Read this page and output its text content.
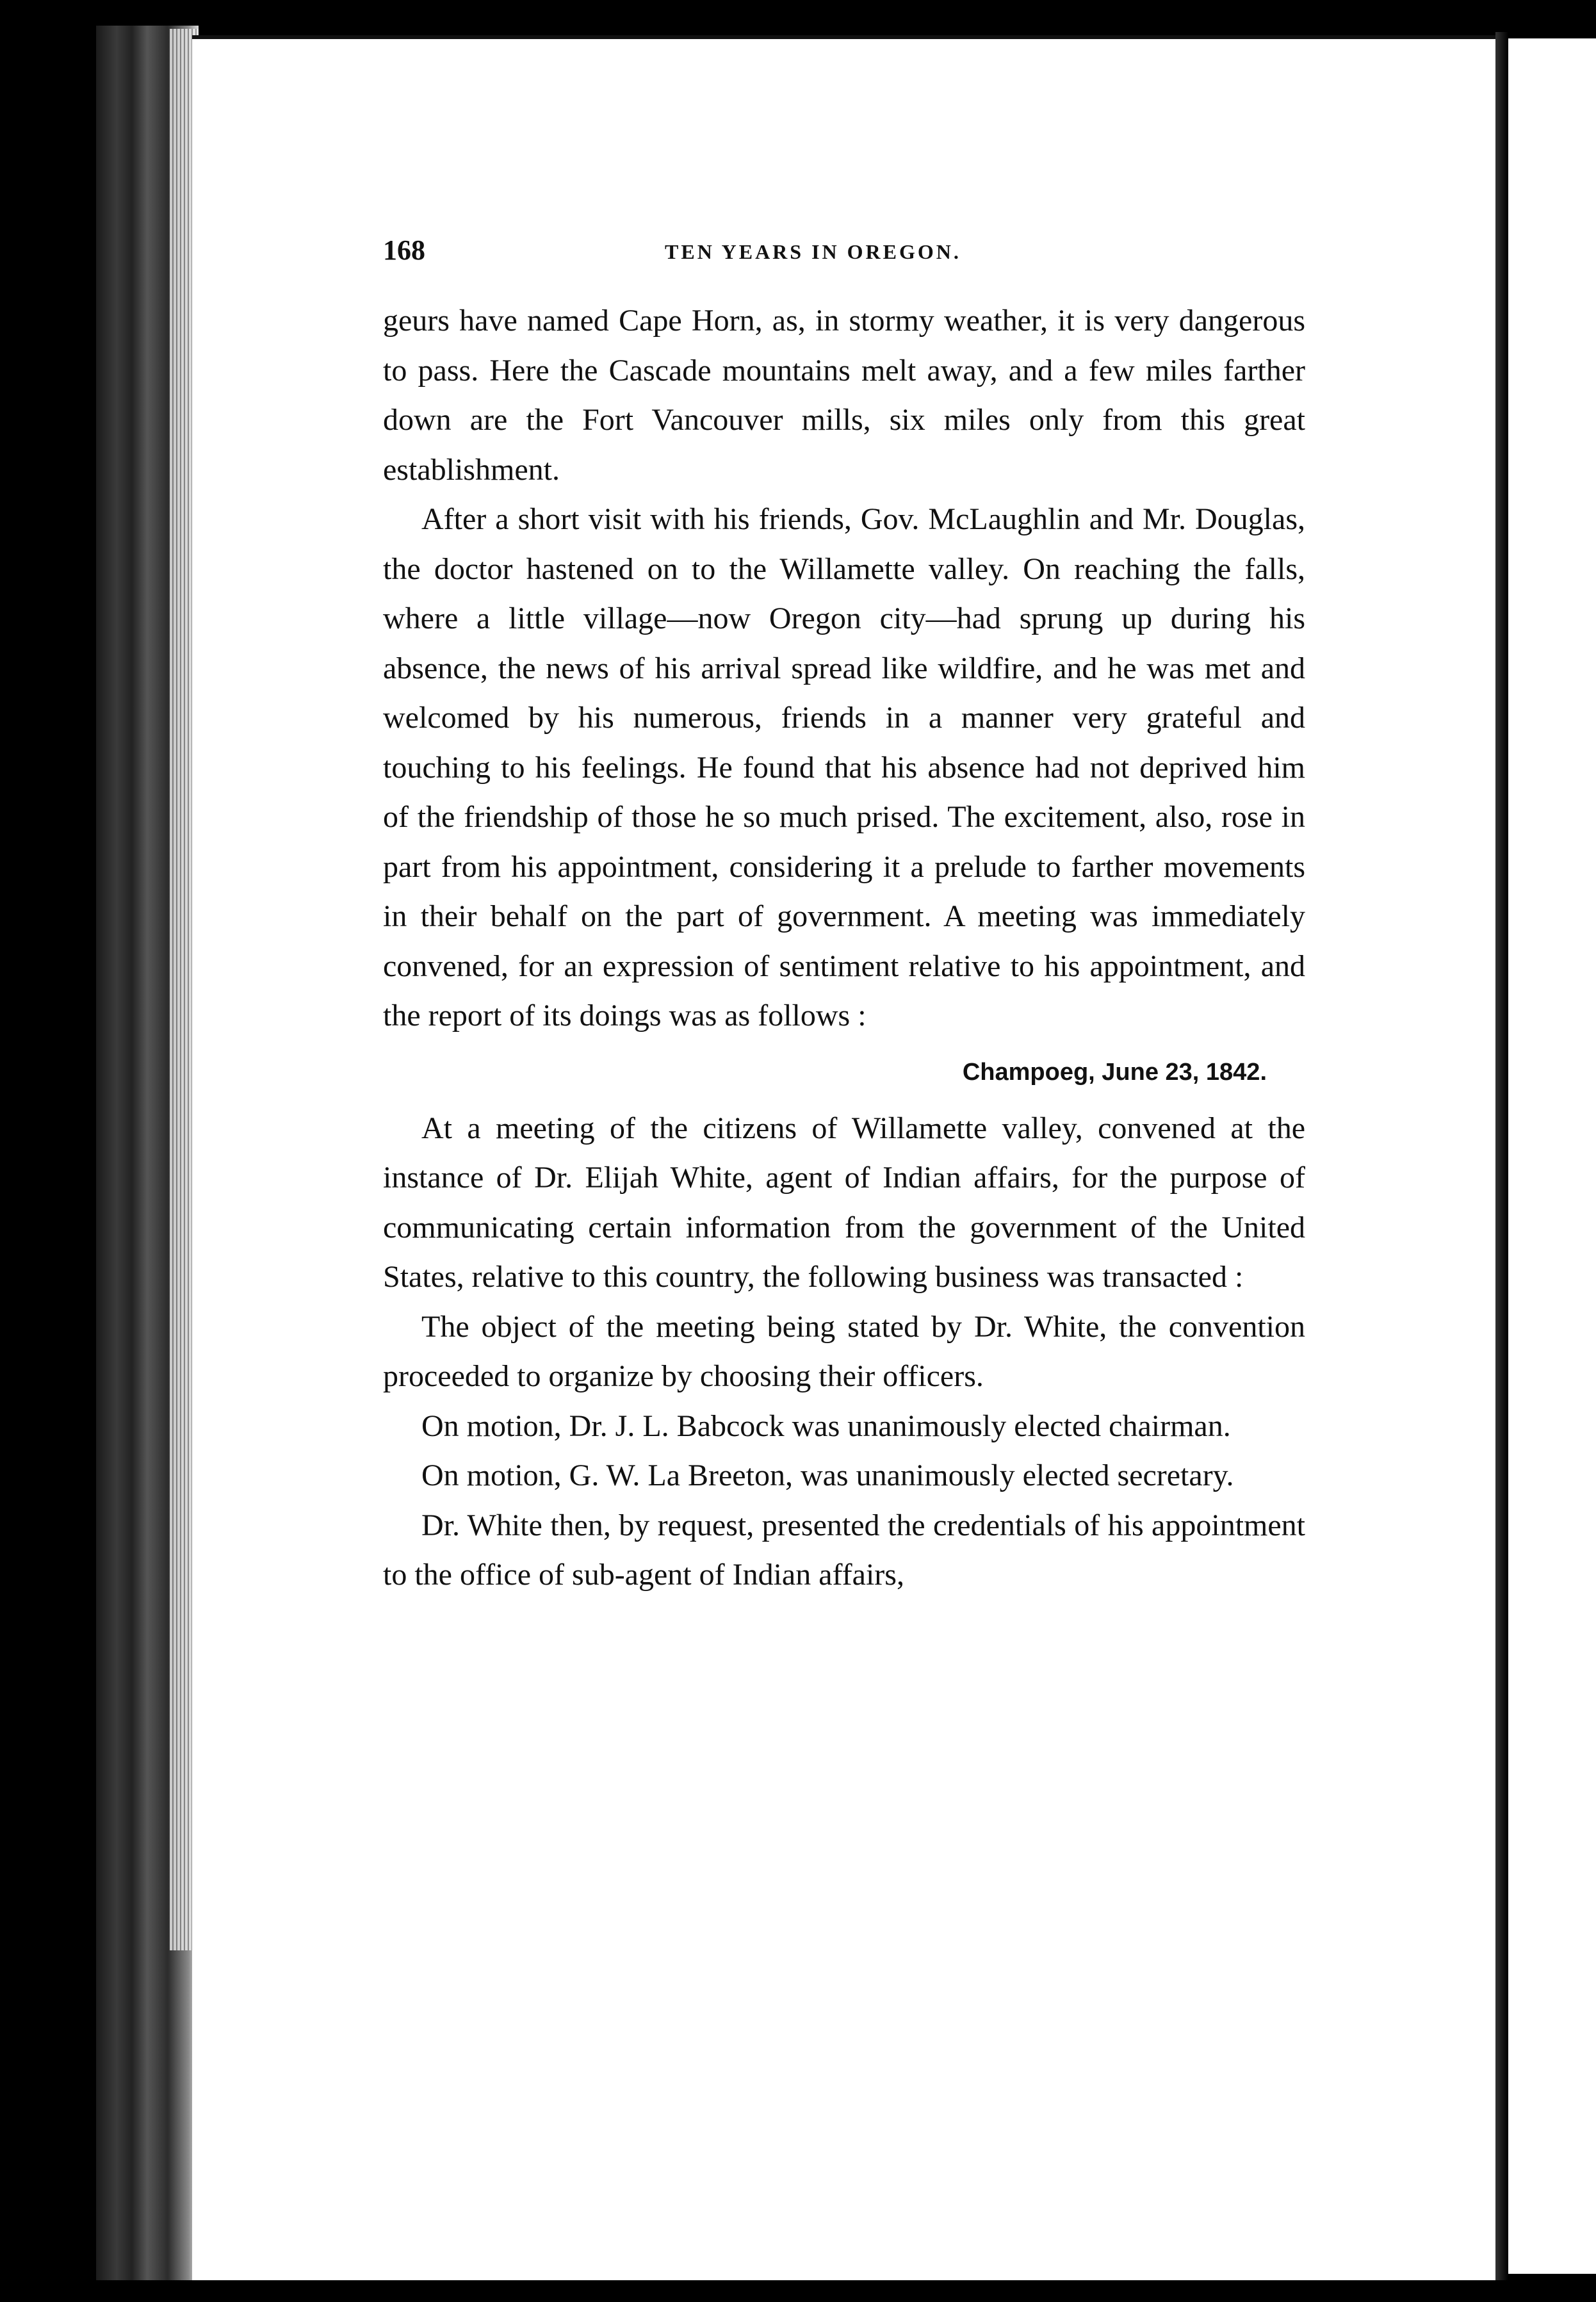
168	TEN YEARS IN OREGON.

geurs have named Cape Horn, as, in stormy weather, it is very dangerous to pass. Here the Cascade mountains melt away, and a few miles farther down are the Fort Vancouver mills, six miles only from this great establishment.

After a short visit with his friends, Gov. McLaughlin and Mr. Douglas, the doctor hastened on to the Willamette valley. On reaching the falls, where a little village—now Oregon city—had sprung up during his absence, the news of his arrival spread like wildfire, and he was met and welcomed by his numerous, friends in a manner very grateful and touching to his feelings. He found that his absence had not deprived him of the friendship of those he so much prised. The excitement, also, rose in part from his appointment, considering it a prelude to farther movements in their behalf on the part of government. A meeting was immediately convened, for an expression of sentiment relative to his appointment, and the report of its doings was as follows :

Champoeg, June 23, 1842.

At a meeting of the citizens of Willamette valley, convened at the instance of Dr. Elijah White, agent of Indian affairs, for the purpose of communicating certain information from the government of the United States, relative to this country, the following business was transacted :

The object of the meeting being stated by Dr. White, the convention proceeded to organize by choosing their officers.

On motion, Dr. J. L. Babcock was unanimously elected chairman.

On motion, G. W. La Breeton, was unanimously elected secretary.

Dr. White then, by request, presented the credentials of his appointment to the office of sub-agent of Indian affairs,
